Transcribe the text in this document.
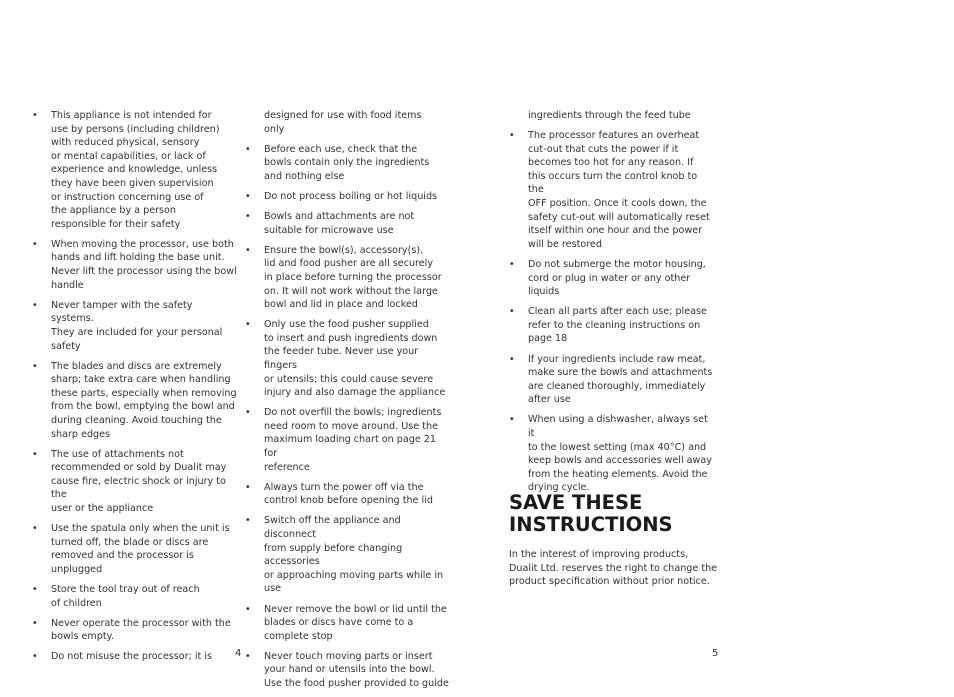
• This appliance is not intended for
use by persons (including children)
with reduced physical, sensory
or mental capabilities, or lack of
experience and knowledge, unless
they have been given supervision
or instruction concerning use of
the appliance by a person
responsible for their safety
• When moving the processor, use both
hands and lift holding the base unit.
Never lift the processor using the bowl
handle
• Never tamper with the safety systems.
They are included for your personal
safety
• The blades and discs are extremely
sharp; take extra care when handling
these parts, especially when removing
from the bowl, emptying the bowl and
during cleaning. Avoid touching the
sharp edges
• The use of attachments not
recommended or sold by Dualit may
cause fire, electric shock or injury to the
user or the appliance
• Use the spatula only when the unit is
turned off, the blade or discs are
removed and the processor is
unplugged
• Store the tool tray out of reach
of children
• Never operate the processor with the
bowls empty.
• Do not misuse the processor; it is
designed for use with food items
only
• Before each use, check that the
bowls contain only the ingredients
and nothing else
• Do not process boiling or hot liquids
• Bowls and attachments are not
suitable for microwave use
• Ensure the bowl(s), accessory(s),
lid and food pusher are all securely
in place before turning the processor
on. It will not work without the large
bowl and lid in place and locked
• Only use the food pusher supplied
to insert and push ingredients down
the feeder tube. Never use your fingers
or utensils; this could cause severe
injury and also damage the appliance
• Do not overfill the bowls; ingredients
need room to move around. Use the
maximum loading chart on page 21 for
reference
• Always turn the power off via the
control knob before opening the lid
• Switch off the appliance and disconnect
from supply before changing accessories
or approaching moving parts while in
use
• Never remove the bowl or lid until the
blades or discs have come to a
complete stop
• Never touch moving parts or insert
your hand or utensils into the bowl.
Use the food pusher provided to guide
ingredients through the feed tube
• The processor features an overheat
cut-out that cuts the power if it
becomes too hot for any reason. If
this occurs turn the control knob to the
OFF position. Once it cools down, the
safety cut-out will automatically reset
itself within one hour and the power
will be restored
• Do not submerge the motor housing,
cord or plug in water or any other
liquids
• Clean all parts after each use; please
refer to the cleaning instructions on
page 18
• If your ingredients include raw meat,
make sure the bowls and attachments
are cleaned thoroughly, immediately
after use
• When using a dishwasher, always set it
to the lowest setting (max 40°C) and
keep bowls and accessories well away
from the heating elements. Avoid the
drying cycle.
SAVE THESE
INSTRUCTIONS
In the interest of improving products,
Dualit Ltd. reserves the right to change the
product specification without prior notice.
4	5
